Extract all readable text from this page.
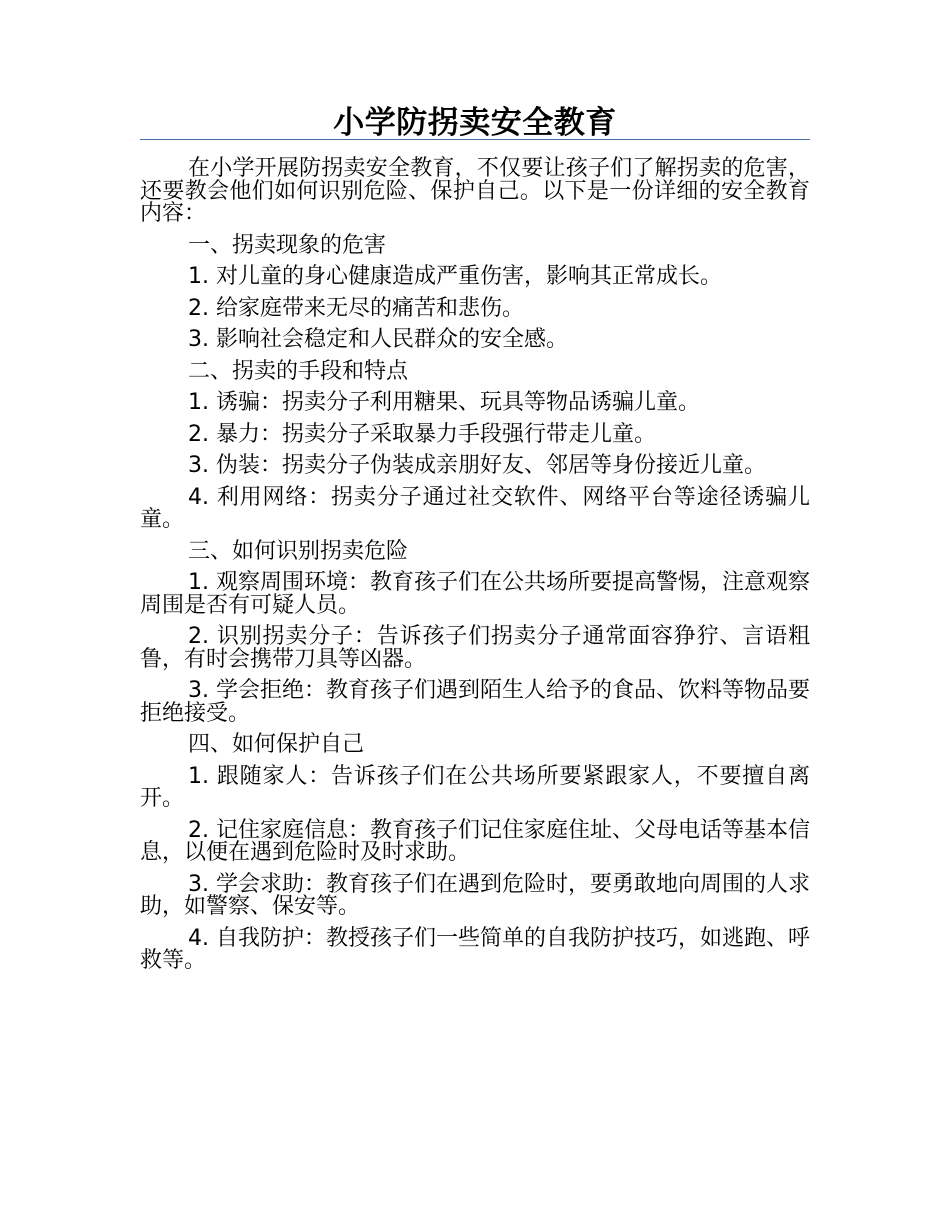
小学防拐卖安全教育

在小学开展防拐卖安全教育，不仅要让孩子们了解拐卖的危害，还要教会他们如何识别危险、保护自己。以下是一份详细的安全教育内容：

一、拐卖现象的危害

1. 对儿童的身心健康造成严重伤害，影响其正常成长。

2. 给家庭带来无尽的痛苦和悲伤。

3. 影响社会稳定和人民群众的安全感。

二、拐卖的手段和特点

1. 诱骗：拐卖分子利用糖果、玩具等物品诱骗儿童。

2. 暴力：拐卖分子采取暴力手段强行带走儿童。

3. 伪装：拐卖分子伪装成亲朋好友、邻居等身份接近儿童。

4. 利用网络：拐卖分子通过社交软件、网络平台等途径诱骗儿童。

三、如何识别拐卖危险

1. 观察周围环境：教育孩子们在公共场所要提高警惕，注意观察周围是否有可疑人员。

2. 识别拐卖分子：告诉孩子们拐卖分子通常面容狰狞、言语粗鲁，有时会携带刀具等凶器。

3. 学会拒绝：教育孩子们遇到陌生人给予的食品、饮料等物品要拒绝接受。

四、如何保护自己

1. 跟随家人：告诉孩子们在公共场所要紧跟家人，不要擅自离开。

2. 记住家庭信息：教育孩子们记住家庭住址、父母电话等基本信息，以便在遇到危险时及时求助。

3. 学会求助：教育孩子们在遇到危险时，要勇敢地向周围的人求助，如警察、保安等。

4. 自我防护：教授孩子们一些简单的自我防护技巧，如逃跑、呼救等。
